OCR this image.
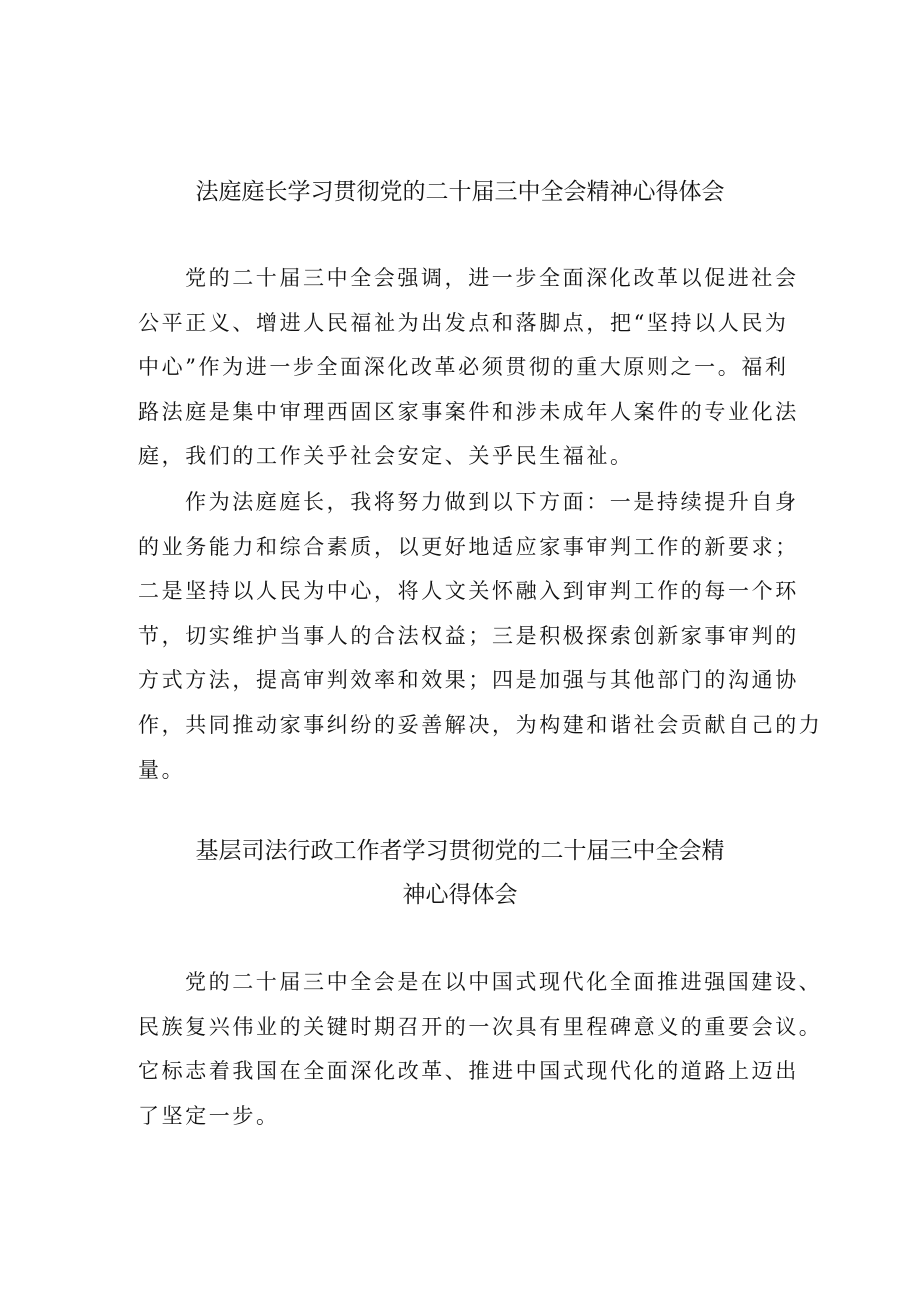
法庭庭长学习贯彻党的二十届三中全会精神心得体会
党的二十届三中全会强调，进一步全面深化改革以促进社会
公平正义、增进人民福祉为出发点和落脚点，把“坚持以人民为
中心”作为进一步全面深化改革必须贯彻的重大原则之一。福利
路法庭是集中审理西固区家事案件和涉未成年人案件的专业化法
庭，我们的工作关乎社会安定、关乎民生福祉。
作为法庭庭长，我将努力做到以下方面：一是持续提升自身
的业务能力和综合素质，以更好地适应家事审判工作的新要求；
二是坚持以人民为中心，将人文关怀融入到审判工作的每一个环
节，切实维护当事人的合法权益；三是积极探索创新家事审判的
方式方法，提高审判效率和效果；四是加强与其他部门的沟通协
作，共同推动家事纠纷的妥善解决，为构建和谐社会贡献自己的力
量。
基层司法行政工作者学习贯彻党的二十届三中全会精
神心得体会
党的二十届三中全会是在以中国式现代化全面推进强国建设、
民族复兴伟业的关键时期召开的一次具有里程碑意义的重要会议。
它标志着我国在全面深化改革、推进中国式现代化的道路上迈出
了坚定一步。
